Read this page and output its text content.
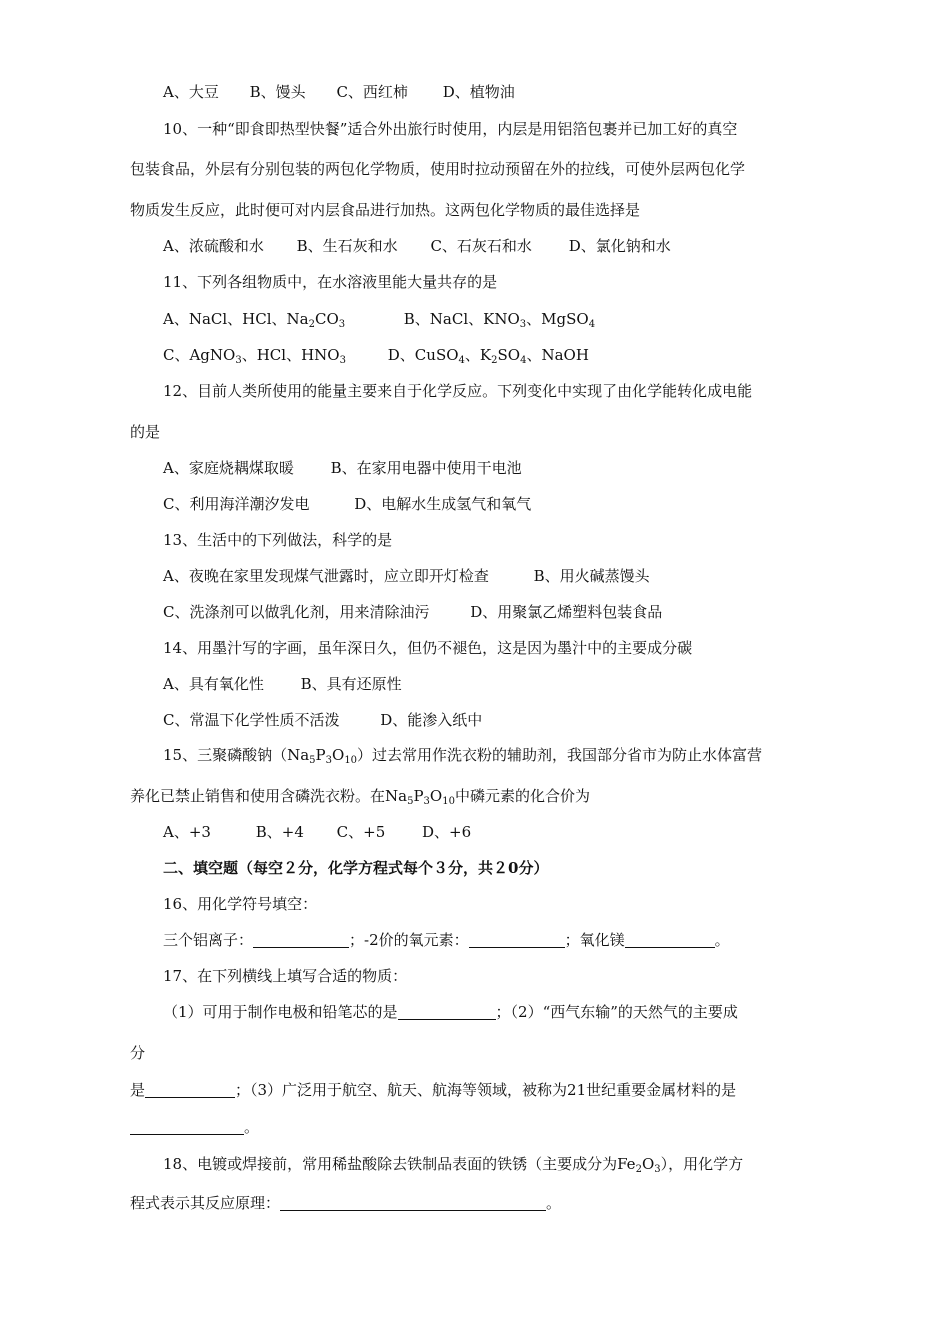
A、大豆 B、馒头 C、西红柿 D、植物油
10、一种“即食即热型快餐”适合外出旅行时使用，内层是用铝箔包裹并已加工好的真空
包装食品，外层有分别包装的两包化学物质，使用时拉动预留在外的拉线，可使外层两包化学
物质发生反应，此时便可对内层食品进行加热。这两包化学物质的最佳选择是
A、浓硫酸和水 B、生石灰和水 C、石灰石和水 D、氯化钠和水
11、下列各组物质中，在水溶液里能大量共存的是
A、NaCl、HCl、$Na_2CO_3$	B、NaCl、$KNO_3$、MgSO$_4$
C、AgNO$_3$、HCl、$HNO_3$	D、CuSO$_4$、$K_2SO_4$、NaOH
12、目前人类所使用的能量主要来自于化学反应。下列变化中实现了由化学能转化成电能
的是
A、家庭烧耦煤取暖 B、在家用电器中使用干电池
C、利用海洋潮汐发电	D、电解水生成氢气和氧气
13、生活中的下列做法，科学的是
A、夜晚在家里发现煤气泄露时，应立即开灯检查	B、用火碱蒸馒头
C、洗涤剂可以做乳化剂，用来清除油污	D、用聚氯乙烯塑料包装食品
14、用墨汁写的字画，虽年深日久，但仍不褪色，这是因为墨汁中的主要成分碳
A、具有氧化性 B、具有还原性
C、常温下化学性质不活泼	D、能渗入纸中
15、三聚磷酸钠$(Na_5P_3O_{10})$过去常用作洗衣粉的辅助剂，我国部分省市为防止水体富营
养化已禁止销售和使用含磷洗衣粉。在$Na_5P_3O_{10}$中磷元素的化合价为
A、+3	B、+4 C、+5 D、+6
二、填空题（每空２分，化学方程式每个３分，共２0分）
16、用化学符号填空：
三个铝离子：	；-2价的氧元素：	；氧化镁	。
17、在下列横线上填写合适的物质：
（1）可用于制作电极和铅笔芯的是	；（2）“西气东输”的天然气的主要成
分
是	；（3）广泛用于航空、航天、航海等领域，被称为21世纪重要金属材料的是
。
18、电镀或焊接前，常用稀盐酸除去铁制品表面的铁锈（主要成分为$Fe_2O_3$），用化学方
程式表示其反应原理：	。
